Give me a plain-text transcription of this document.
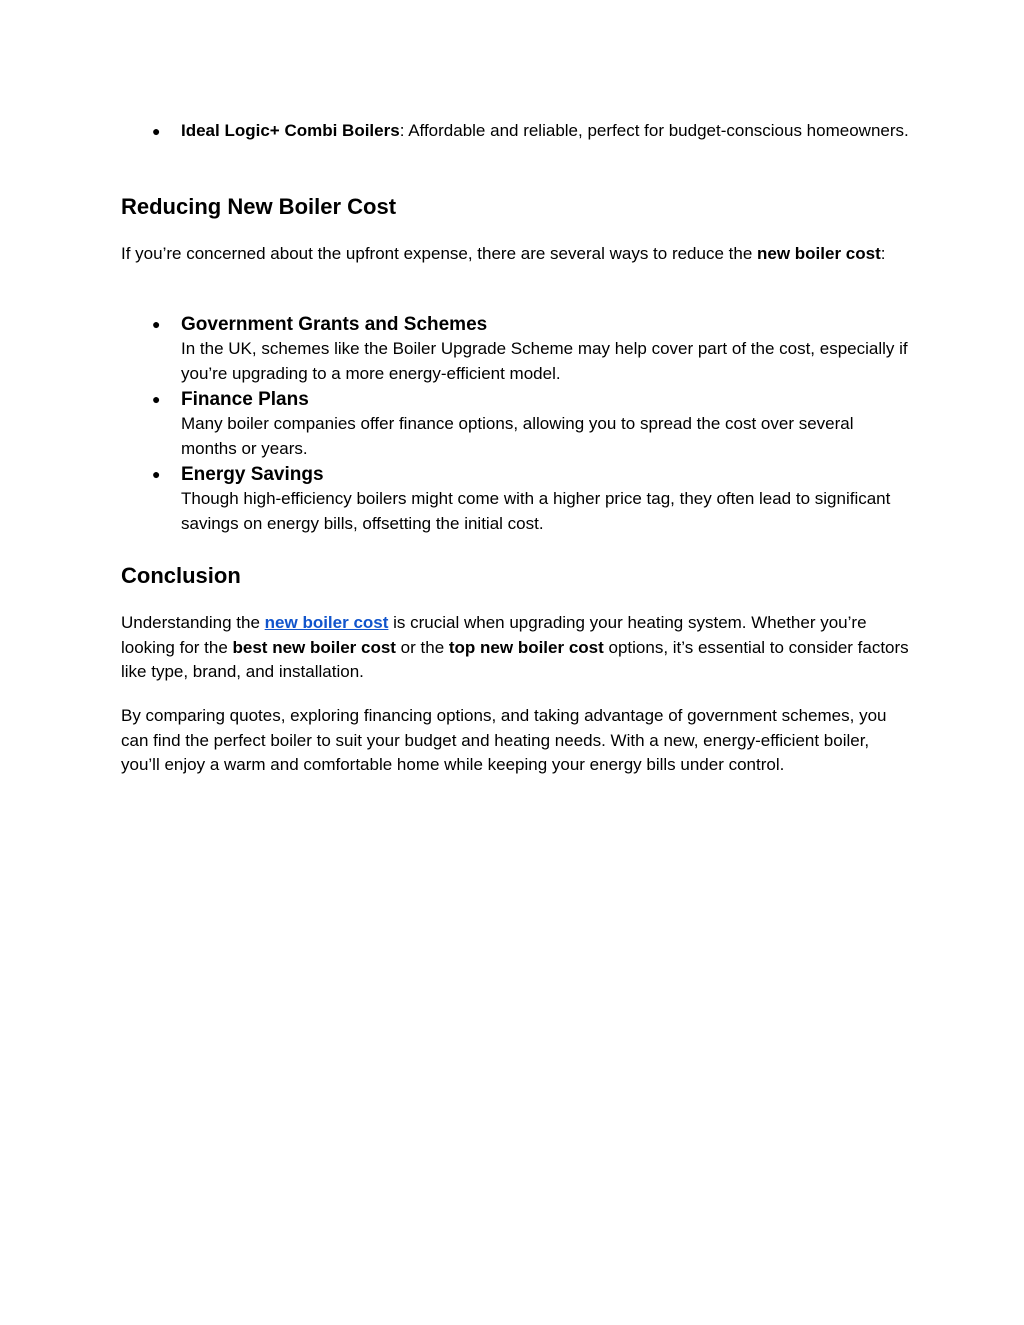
● Ideal Logic+ Combi Boilers: Affordable and reliable, perfect for budget-conscious homeowners.
Reducing New Boiler Cost

If you’re concerned about the upfront expense, there are several ways to reduce the new boiler cost:

● Government Grants and Schemes
In the UK, schemes like the Boiler Upgrade Scheme may help cover part of the cost, especially if you’re upgrading to a more energy-efficient model.
● Finance Plans
Many boiler companies offer finance options, allowing you to spread the cost over several months or years.
● Energy Savings
Though high-efficiency boilers might come with a higher price tag, they often lead to significant savings on energy bills, offsetting the initial cost.
Conclusion

Understanding the new boiler cost is crucial when upgrading your heating system. Whether you’re looking for the best new boiler cost or the top new boiler cost options, it’s essential to consider factors like type, brand, and installation.

By comparing quotes, exploring financing options, and taking advantage of government schemes, you can find the perfect boiler to suit your budget and heating needs. With a new, energy-efficient boiler, you’ll enjoy a warm and comfortable home while keeping your energy bills under control.
